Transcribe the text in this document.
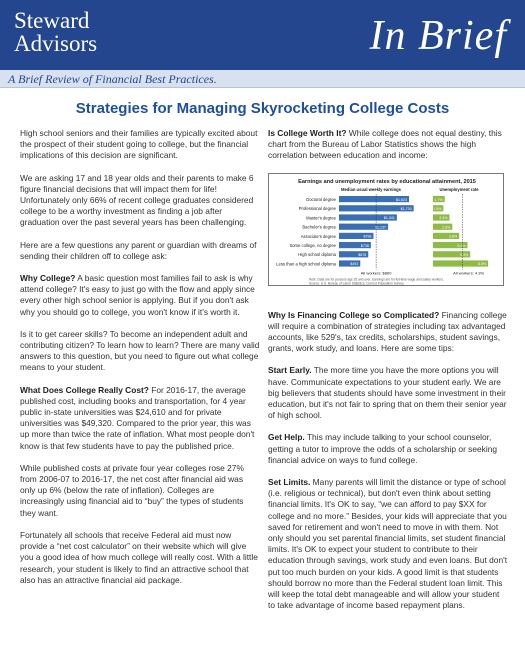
Steward
Advisors	In Brief
A Brief Review of Financial Best Practices.
Strategies for Managing Skyrocketing College Costs

High school seniors and their families are typically excited about the prospect of their student going to college, but the financial implications of this decision are significant.

We are asking 17 and 18 year olds and their parents to make 6 figure financial decisions that will impact them for life! Unfortunately only 66% of recent college graduates considered college to be a worthy investment as finding a job after graduation over the past several years has been challenging.

Here are a few questions any parent or guardian with dreams of sending their children off to college ask:

Why College? A basic question most families fail to ask is why attend college? It's easy to just go with the flow and apply since every other high school senior is applying. But if you don't ask why you should go to college, you won't know if it's worth it.

Is it to get career skills? To become an independent adult and contributing citizen? To learn how to learn? There are many valid answers to this question, but you need to figure out what college means to your student.

What Does College Really Cost? For 2016-17, the average published cost, including books and transportation, for 4 year public in-state universities was $24,610 and for private universities was $49,320. Compared to the prior year, this was up more than twice the rate of inflation. What most people don't know is that few students have to pay the published price.

While published costs at private four year colleges rose 27% from 2006-07 to 2016-17, the net cost after financial aid was only up 6% (below the rate of inflation). Colleges are increasingly using financial aid to “buy” the types of students they want.

Fortunately all schools that receive Federal aid must now provide a “net cost calculator” on their website which will give you a good idea of how much college will really cost. With a little research, your student is likely to find an attractive school that also has an attractive financial aid package.

Is College Worth It? While college does not equal destiny, this chart from the Bureau of Labor Statistics shows the high correlation between education and income:

Earnings and unemployment rates by educational attainment, 2015
Median usual weekly earnings	Unemployment rate
Doctoral degree	$1,623	1.7%
Professional degree	$1,730	1.5%
Master's degree	$1,341	2.4%
Bachelor's degree	$1,137	2.8%
Associate's degree	$798	3.8%
Some college, no degree	$738	5.0%
High school diploma	$678	5.4%
Less than a high school diploma	$493	8.0%
All workers: $860	All workers: 4.3%
Note: Data are for persons age 25 and over. Earnings are for full-time wage and salary workers.
Source: U.S. Bureau of Labor Statistics, Current Population Survey.

Why Is Financing College so Complicated? Financing college will require a combination of strategies including tax advantaged accounts, like 529's, tax credits, scholarships, student savings, grants, work study, and loans. Here are some tips:

Start Early. The more time you have the more options you will have. Communicate expectations to your student early. We are big believers that students should have some investment in their education, but it's not fair to spring that on them their senior year of high school.

Get Help. This may include talking to your school counselor, getting a tutor to improve the odds of a scholarship or seeking financial advice on ways to fund college.

Set Limits. Many parents will limit the distance or type of school (i.e. religious or technical), but don't even think about setting financial limits. It's OK to say, “we can afford to pay $XX for college and no more.” Besides, your kids will appreciate that you saved for retirement and won't need to move in with them. Not only should you set parental financial limits, set student financial limits. It's OK to expect your student to contribute to their education through savings, work study and even loans. But don't put too much burden on your kids. A good limit is that students should borrow no more than the Federal student loan limit. This will keep the total debt manageable and will allow your student to take advantage of income based repayment plans.
